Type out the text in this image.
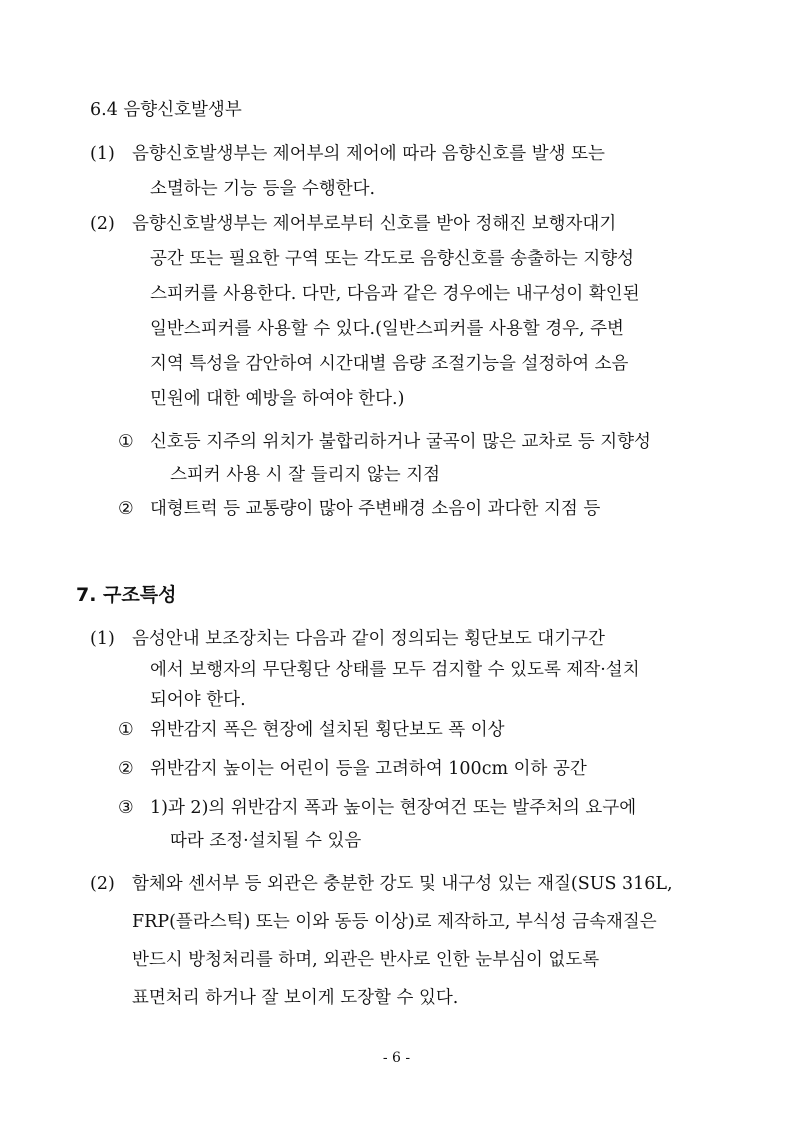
6.4 음향신호발생부
(1) 음향신호발생부는 제어부의 제어에 따라 음향신호를 발생 또는
소멸하는 기능 등을 수행한다.
(2) 음향신호발생부는 제어부로부터 신호를 받아 정해진 보행자대기
공간 또는 필요한 구역 또는 각도로 음향신호를 송출하는 지향성
스피커를 사용한다. 다만, 다음과 같은 경우에는 내구성이 확인된
일반스피커를 사용할 수 있다.(일반스피커를 사용할 경우, 주변
지역 특성을 감안하여 시간대별 음량 조절기능을 설정하여 소음
민원에 대한 예방을 하여야 한다.)
① 신호등 지주의 위치가 불합리하거나 굴곡이 많은 교차로 등 지향성
스피커 사용 시 잘 들리지 않는 지점
② 대형트럭 등 교통량이 많아 주변배경 소음이 과다한 지점 등
7. 구조특성
(1) 음성안내 보조장치는 다음과 같이 정의되는 횡단보도 대기구간
에서 보행자의 무단횡단 상태를 모두 검지할 수 있도록 제작·설치
되어야 한다.
① 위반감지 폭은 현장에 설치된 횡단보도 폭 이상
② 위반감지 높이는 어린이 등을 고려하여 100cm 이하 공간
③ 1)과 2)의 위반감지 폭과 높이는 현장여건 또는 발주처의 요구에
따라 조정·설치될 수 있음
(2) 함체와 센서부 등 외관은 충분한 강도 및 내구성 있는 재질(SUS 316L,
FRP(플라스틱) 또는 이와 동등 이상)로 제작하고, 부식성 금속재질은
반드시 방청처리를 하며, 외관은 반사로 인한 눈부심이 없도록
표면처리 하거나 잘 보이게 도장할 수 있다.
- 6 -
